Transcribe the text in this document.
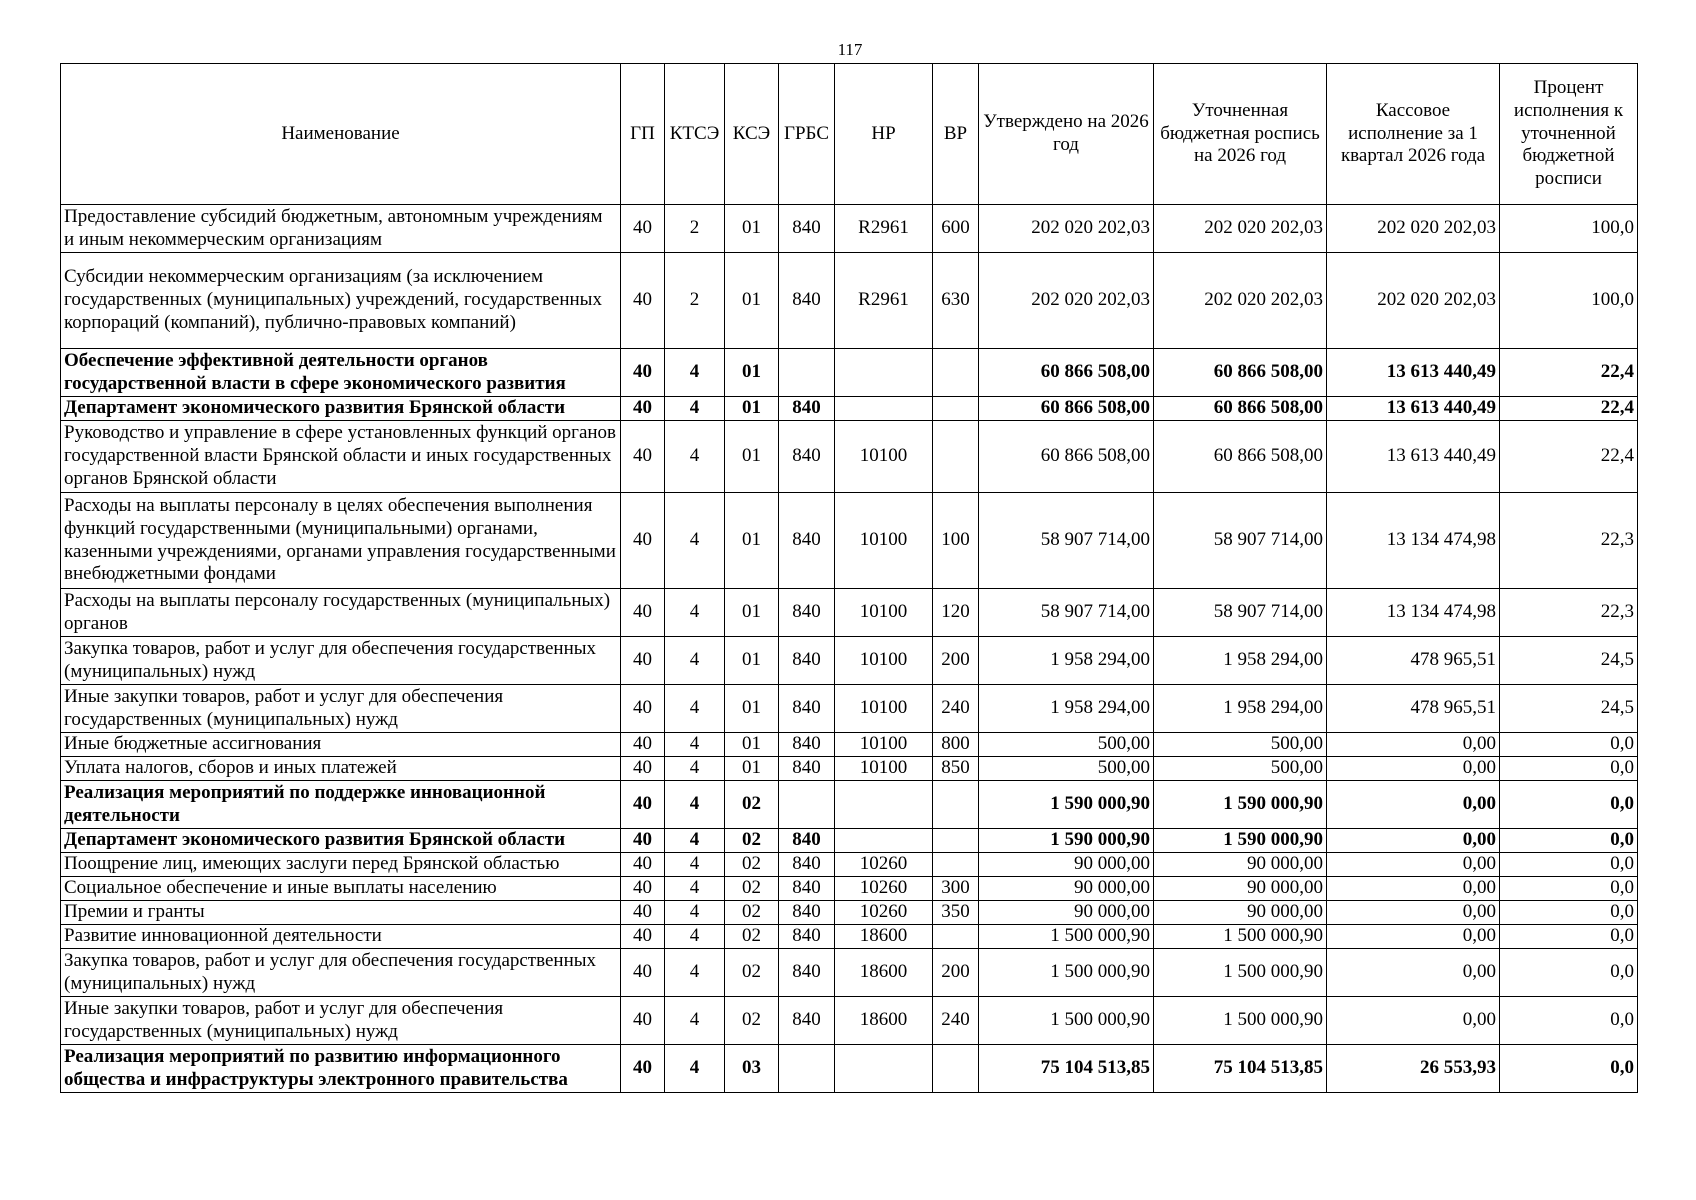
117
Наименование	ГП	КТСЭ	КСЭ	ГРБС	НР	ВР	Утверждено на 2026 год	Уточненная бюджетная роспись на 2026 год	Кассовое исполнение за 1 квартал 2026 года	Процент исполнения к уточненной бюджетной росписи
Предоставление субсидий бюджетным, автономным учреждениям и иным некоммерческим организациям	40	2	01	840	R2961	600	202 020 202,03	202 020 202,03	202 020 202,03	100,0
Субсидии некоммерческим организациям (за исключением государственных (муниципальных) учреждений, государственных корпораций (компаний), публично-правовых компаний)	40	2	01	840	R2961	630	202 020 202,03	202 020 202,03	202 020 202,03	100,0
Обеспечение эффективной деятельности органов государственной власти в сфере экономического развития	40	4	01				60 866 508,00	60 866 508,00	13 613 440,49	22,4
Департамент экономического развития Брянской области	40	4	01	840			60 866 508,00	60 866 508,00	13 613 440,49	22,4
Руководство и управление в сфере установленных функций органов государственной власти Брянской области и иных государственных органов Брянской области	40	4	01	840	10100		60 866 508,00	60 866 508,00	13 613 440,49	22,4
Расходы на выплаты персоналу в целях обеспечения выполнения функций государственными (муниципальными) органами, казенными учреждениями, органами управления государственными внебюджетными фондами	40	4	01	840	10100	100	58 907 714,00	58 907 714,00	13 134 474,98	22,3
Расходы на выплаты персоналу государственных (муниципальных) органов	40	4	01	840	10100	120	58 907 714,00	58 907 714,00	13 134 474,98	22,3
Закупка товаров, работ и услуг для обеспечения государственных (муниципальных) нужд	40	4	01	840	10100	200	1 958 294,00	1 958 294,00	478 965,51	24,5
Иные закупки товаров, работ и услуг для обеспечения государственных (муниципальных) нужд	40	4	01	840	10100	240	1 958 294,00	1 958 294,00	478 965,51	24,5
Иные бюджетные ассигнования	40	4	01	840	10100	800	500,00	500,00	0,00	0,0
Уплата налогов, сборов и иных платежей	40	4	01	840	10100	850	500,00	500,00	0,00	0,0
Реализация мероприятий по поддержке инновационной деятельности	40	4	02				1 590 000,90	1 590 000,90	0,00	0,0
Департамент экономического развития Брянской области	40	4	02	840			1 590 000,90	1 590 000,90	0,00	0,0
Поощрение лиц, имеющих заслуги перед Брянской областью	40	4	02	840	10260		90 000,00	90 000,00	0,00	0,0
Социальное обеспечение и иные выплаты населению	40	4	02	840	10260	300	90 000,00	90 000,00	0,00	0,0
Премии и гранты	40	4	02	840	10260	350	90 000,00	90 000,00	0,00	0,0
Развитие инновационной деятельности	40	4	02	840	18600		1 500 000,90	1 500 000,90	0,00	0,0
Закупка товаров, работ и услуг для обеспечения государственных (муниципальных) нужд	40	4	02	840	18600	200	1 500 000,90	1 500 000,90	0,00	0,0
Иные закупки товаров, работ и услуг для обеспечения государственных (муниципальных) нужд	40	4	02	840	18600	240	1 500 000,90	1 500 000,90	0,00	0,0
Реализация мероприятий по развитию информационного общества и инфраструктуры электронного правительства	40	4	03				75 104 513,85	75 104 513,85	26 553,93	0,0
